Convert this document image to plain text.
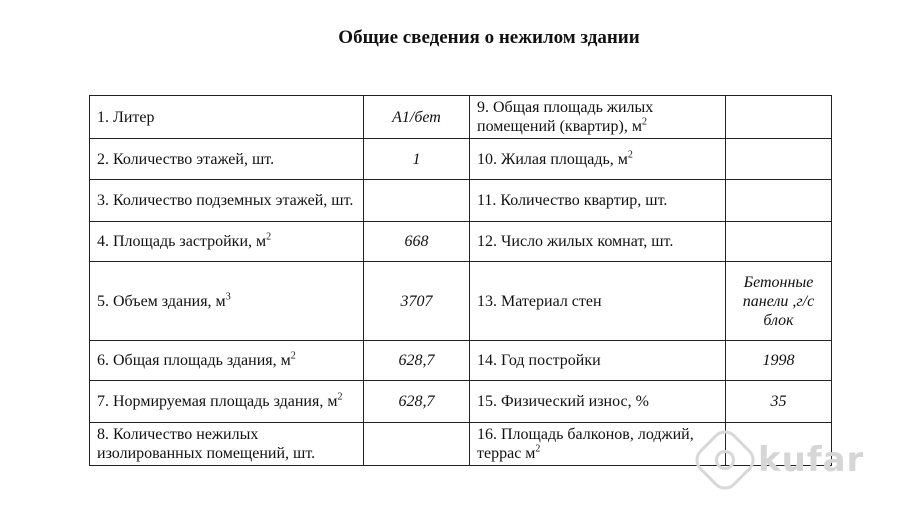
Общие сведения о нежилом здании
1. Литер	А1/бет	9. Общая площадь жилых помещений (квартир), $м^2$	
2. Количество этажей, шт.	1	10. Жилая площадь, $м^2$	
3. Количество подземных этажей, шт.		11. Количество квартир, шт.	
4. Площадь застройки, $м^2$	668	12. Число жилых комнат, шт.	
5. Объем здания, $м^3$	3707	13. Материал стен	Бетонные панели ,г/с блок
6. Общая площадь здания, $м^2$	628,7	14. Год постройки	1998
7. Нормируемая площадь здания, $м^2$	628,7	15. Физический износ, %	35
8. Количество нежилых изолированных помещений, шт.		16. Площадь балконов, лоджий, террас $м^2$		kufar
